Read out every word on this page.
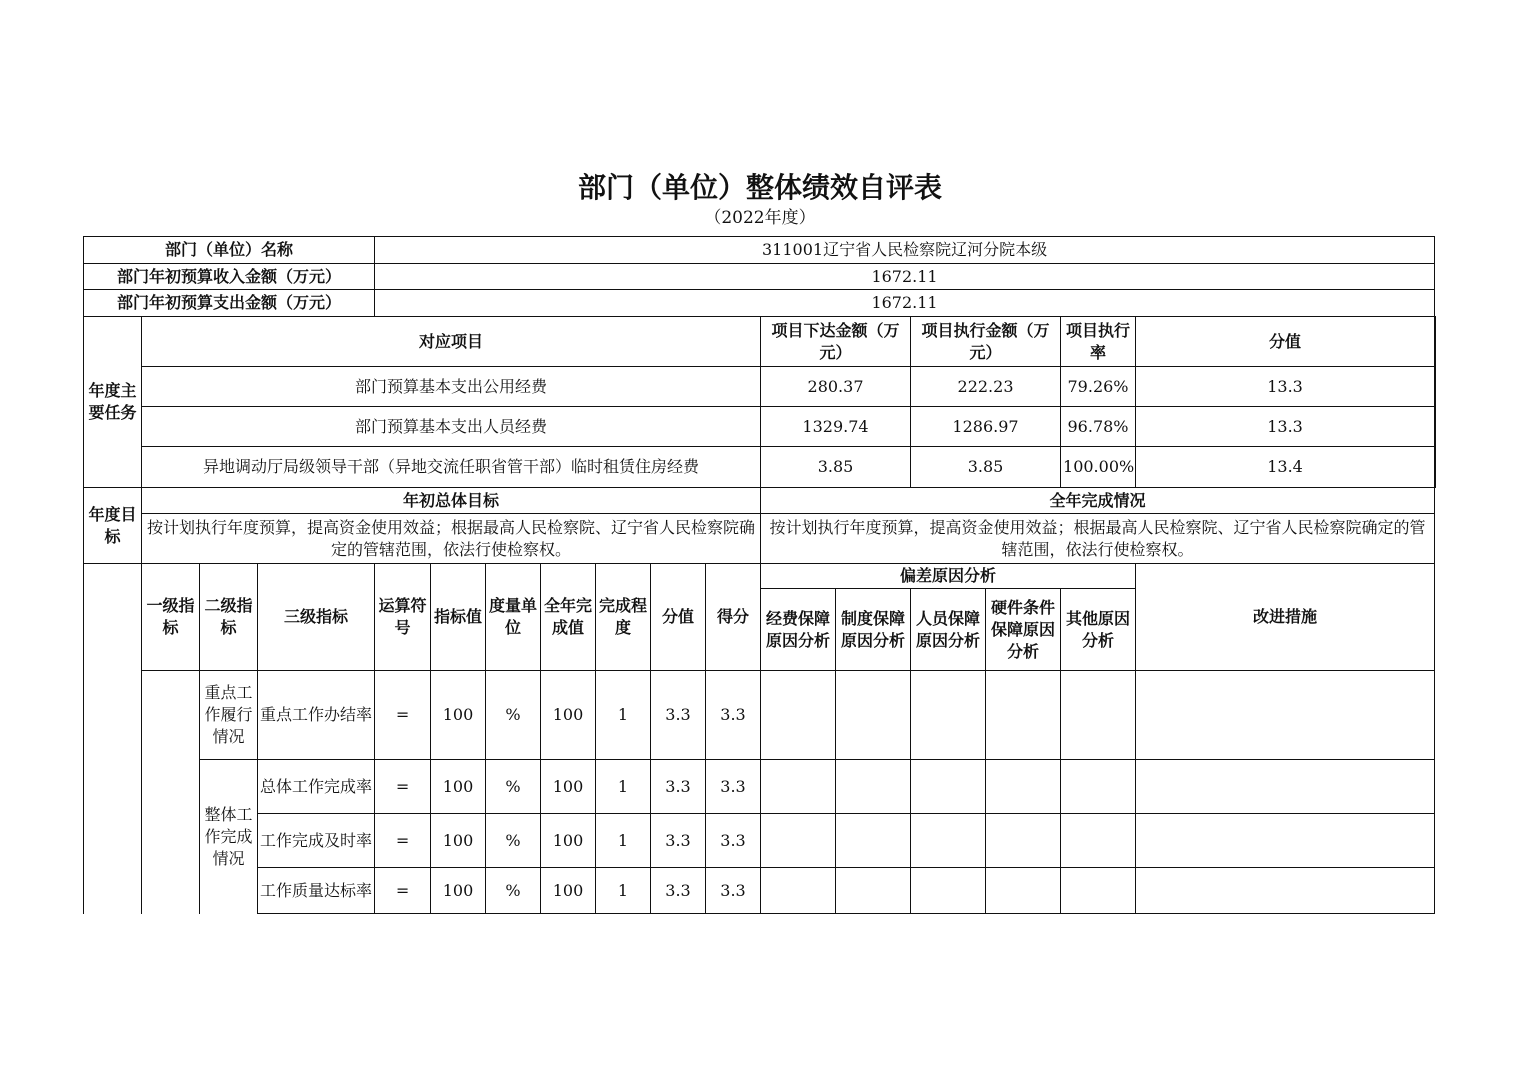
部门（单位）整体绩效自评表
（2022年度）
部门（单位）名称				311001辽宁省人民检察院辽河分院本级													
部门年初预算收入金额（万元）				1672.11													
部门年初预算支出金额（万元）				1672.11													
年度主要任务	对应项目										项目下达金额（万元）		项目执行金额（万元）		项目执行率	分值	
	部门预算基本支出公用经费										280.37		222.23		79.26%	13.3	
	部门预算基本支出人员经费										1329.74		1286.97		96.78%	13.3	
	异地调动厅局级领导干部（异地交流任职省管干部）临时租赁住房经费										3.85		3.85		100.00%	13.4	
年度目标	年初总体目标										全年完成情况						
	按计划执行年度预算，提高资金使用效益；根据最高人民检察院、辽宁省人民检察院确定的管辖范围，依法行使检察权。										按计划执行年度预算，提高资金使用效益；根据最高人民检察院、辽宁省人民检察院确定的管辖范围，依法行使检察权。						
	一级指标	二级指标	三级指标	运算符号	指标值	度量单位	全年完成值	完成程度	分值	得分	偏差原因分析					改进措施	
											经费保障原因分析	制度保障原因分析	人员保障原因分析	硬件条件保障原因分析	其他原因分析		
		重点工作履行情况	重点工作办结率	=	100	%	100	1	3.3	3.3							
		整体工作完成情况	总体工作完成率	=	100	%	100	1	3.3	3.3							
			工作完成及时率	=	100	%	100	1	3.3	3.3							
			工作质量达标率	=	100	%	100	1	3.3	3.3							
